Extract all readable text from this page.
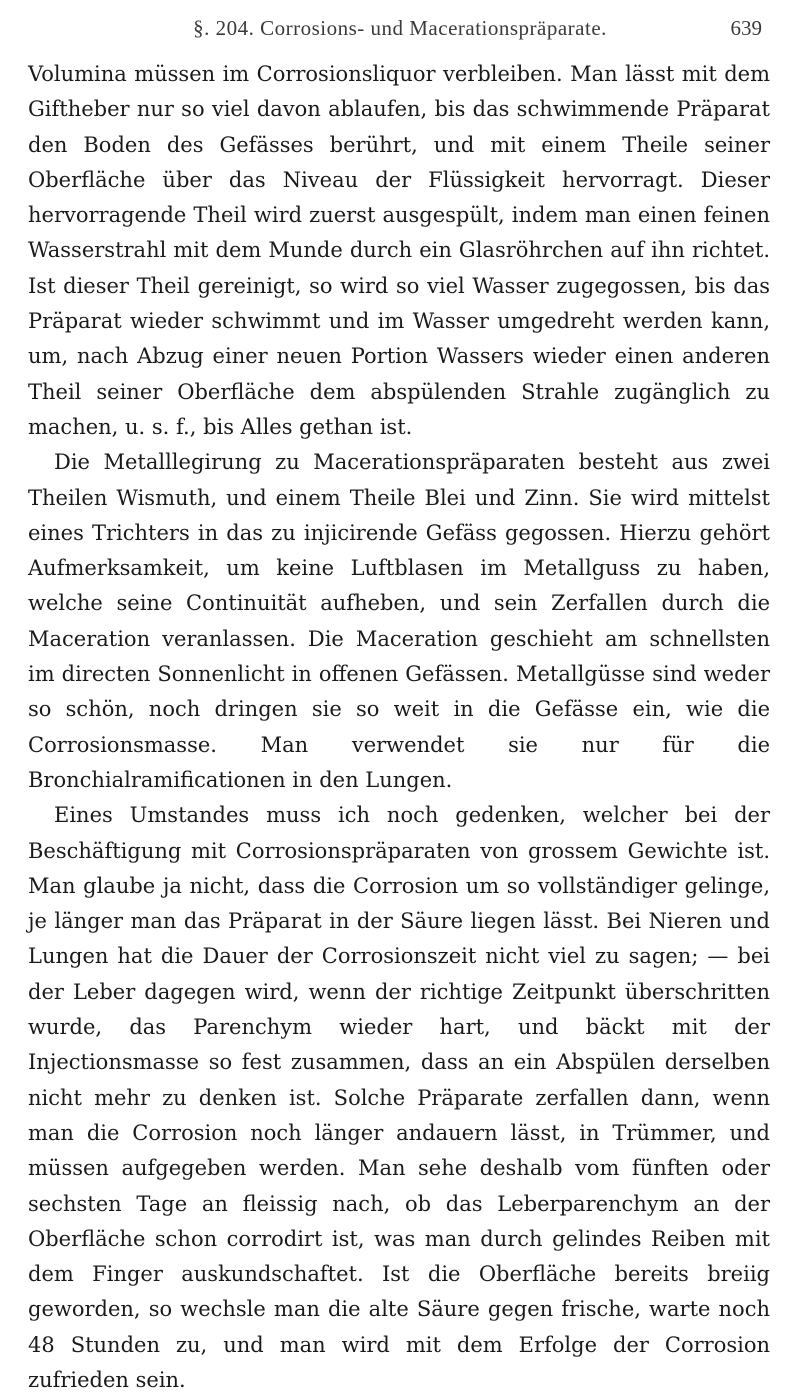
§. 204. Corrosions- und Macerationspräparate.	639

Volumina müssen im Corrosionsliquor verbleiben. Man lässt mit dem Giftheber nur so viel davon ablaufen, bis das schwimmende Präparat den Boden des Gefässes berührt, und mit einem Theile seiner Oberfläche über das Niveau der Flüssigkeit hervorragt. Dieser hervorragende Theil wird zuerst ausgespült, indem man einen feinen Wasserstrahl mit dem Munde durch ein Glasröhrchen auf ihn richtet. Ist dieser Theil gereinigt, so wird so viel Wasser zugegossen, bis das Präparat wieder schwimmt und im Wasser umgedreht werden kann, um, nach Abzug einer neuen Portion Wassers wieder einen anderen Theil seiner Oberfläche dem abspülenden Strahle zugänglich zu machen, u. s. f., bis Alles gethan ist.

Die Metalllegirung zu Macerationspräparaten besteht aus zwei Theilen Wismuth, und einem Theile Blei und Zinn. Sie wird mittelst eines Trichters in das zu injicirende Gefäss gegossen. Hierzu gehört Aufmerksamkeit, um keine Luftblasen im Metallguss zu haben, welche seine Continuität aufheben, und sein Zerfallen durch die Maceration veranlassen. Die Maceration geschieht am schnellsten im directen Sonnenlicht in offenen Gefässen. Metallgüsse sind weder so schön, noch dringen sie so weit in die Gefässe ein, wie die Corrosionsmasse. Man verwendet sie nur für die Bronchialramificationen in den Lungen.

Eines Umstandes muss ich noch gedenken, welcher bei der Beschäftigung mit Corrosionspräparaten von grossem Gewichte ist. Man glaube ja nicht, dass die Corrosion um so vollständiger gelinge, je länger man das Präparat in der Säure liegen lässt. Bei Nieren und Lungen hat die Dauer der Corrosionszeit nicht viel zu sagen; — bei der Leber dagegen wird, wenn der richtige Zeitpunkt überschritten wurde, das Parenchym wieder hart, und bäckt mit der Injectionsmasse so fest zusammen, dass an ein Abspülen derselben nicht mehr zu denken ist. Solche Präparate zerfallen dann, wenn man die Corrosion noch länger andauern lässt, in Trümmer, und müssen aufgegeben werden. Man sehe deshalb vom fünften oder sechsten Tage an fleissig nach, ob das Leberparenchym an der Oberfläche schon corrodirt ist, was man durch gelindes Reiben mit dem Finger auskundschaftet. Ist die Oberfläche bereits breiig geworden, so wechsle man die alte Säure gegen frische, warte noch 48 Stunden zu, und man wird mit dem Erfolge der Corrosion zufrieden sein.
